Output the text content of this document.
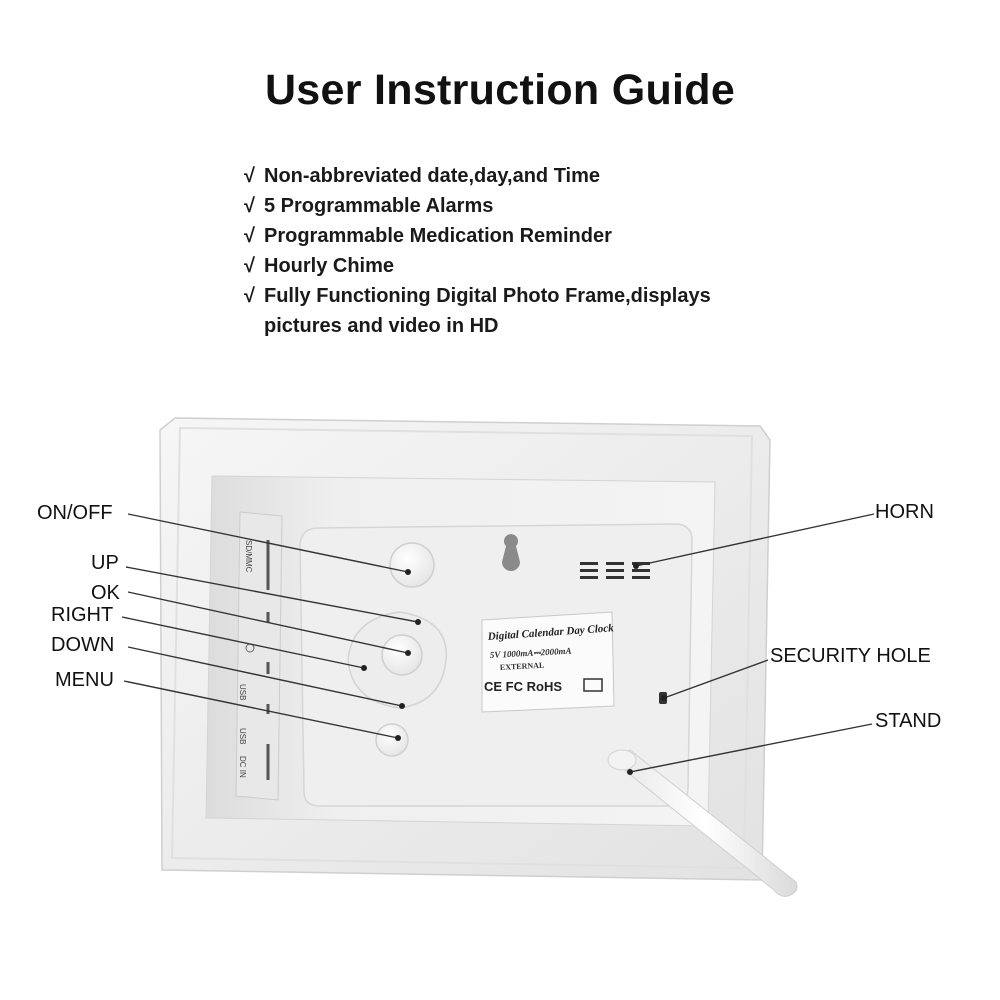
User Instruction Guide
√ Non-abbreviated date,day,and Time
√ 5 Programmable Alarms
√ Programmable Medication Reminder
√ Hourly Chime
√ Fully Functioning Digital Photo Frame,displays pictures and video in HD
SD/MMC
USB
USB
DC IN
Digital Calendar Day Clock
5V 1000mA⎓2000mA
EXTERNAL
CE FC RoHS
ON/OFF
UP
OK
RIGHT
DOWN
MENU
HORN
SECURITY HOLE
STAND
